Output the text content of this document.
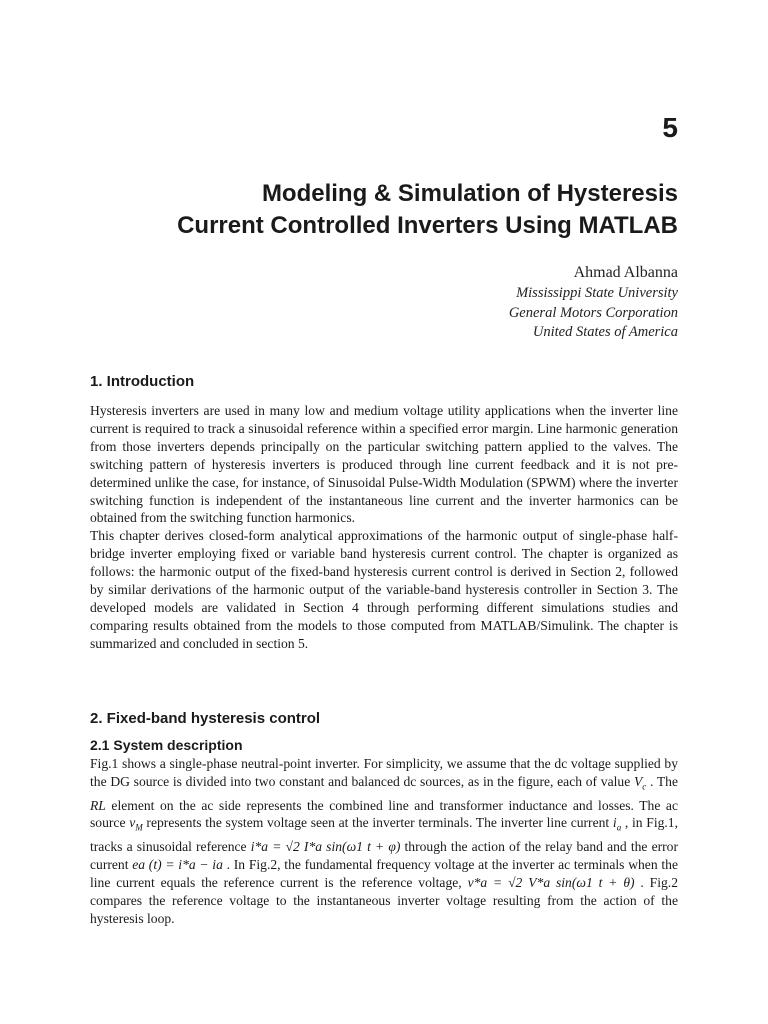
5
Modeling & Simulation of Hysteresis
Current Controlled Inverters Using MATLAB
Ahmad Albanna
Mississippi State University
General Motors Corporation
United States of America
1. Introduction

Hysteresis inverters are used in many low and medium voltage utility applications when the inverter line current is required to track a sinusoidal reference within a specified error margin. Line harmonic generation from those inverters depends principally on the particular switching pattern applied to the valves. The switching pattern of hysteresis inverters is produced through line current feedback and it is not pre-determined unlike the case, for instance, of Sinusoidal Pulse-Width Modulation (SPWM) where the inverter switching function is independent of the instantaneous line current and the inverter harmonics can be obtained from the switching function harmonics.

This chapter derives closed-form analytical approximations of the harmonic output of single-phase half-bridge inverter employing fixed or variable band hysteresis current control. The chapter is organized as follows: the harmonic output of the fixed-band hysteresis current control is derived in Section 2, followed by similar derivations of the harmonic output of the variable-band hysteresis controller in Section 3. The developed models are validated in Section 4 through performing different simulations studies and comparing results obtained from the models to those computed from MATLAB/Simulink. The chapter is summarized and concluded in section 5.

2. Fixed-band hysteresis control
2.1 System description

Fig.1 shows a single-phase neutral-point inverter. For simplicity, we assume that the dc voltage supplied by the DG source is divided into two constant and balanced dc sources, as in the figure, each of value $V_c$ . The RL element on the ac side represents the combined line and transformer inductance and losses. The ac source $v_M$ represents the system voltage seen at the inverter terminals. The inverter line current $i_a$ , in Fig.1, tracks a sinusoidal reference i*a = √2 I*a sin(ω1 t + φ) through the action of the relay band and the error current ea (t) = i*a − ia . In Fig.2, the fundamental frequency voltage at the inverter ac terminals when the line current equals the reference current is the reference voltage, v*a = √2 V*a sin(ω1 t + θ) . Fig.2 compares the reference voltage to the instantaneous inverter voltage resulting from the action of the hysteresis loop.
